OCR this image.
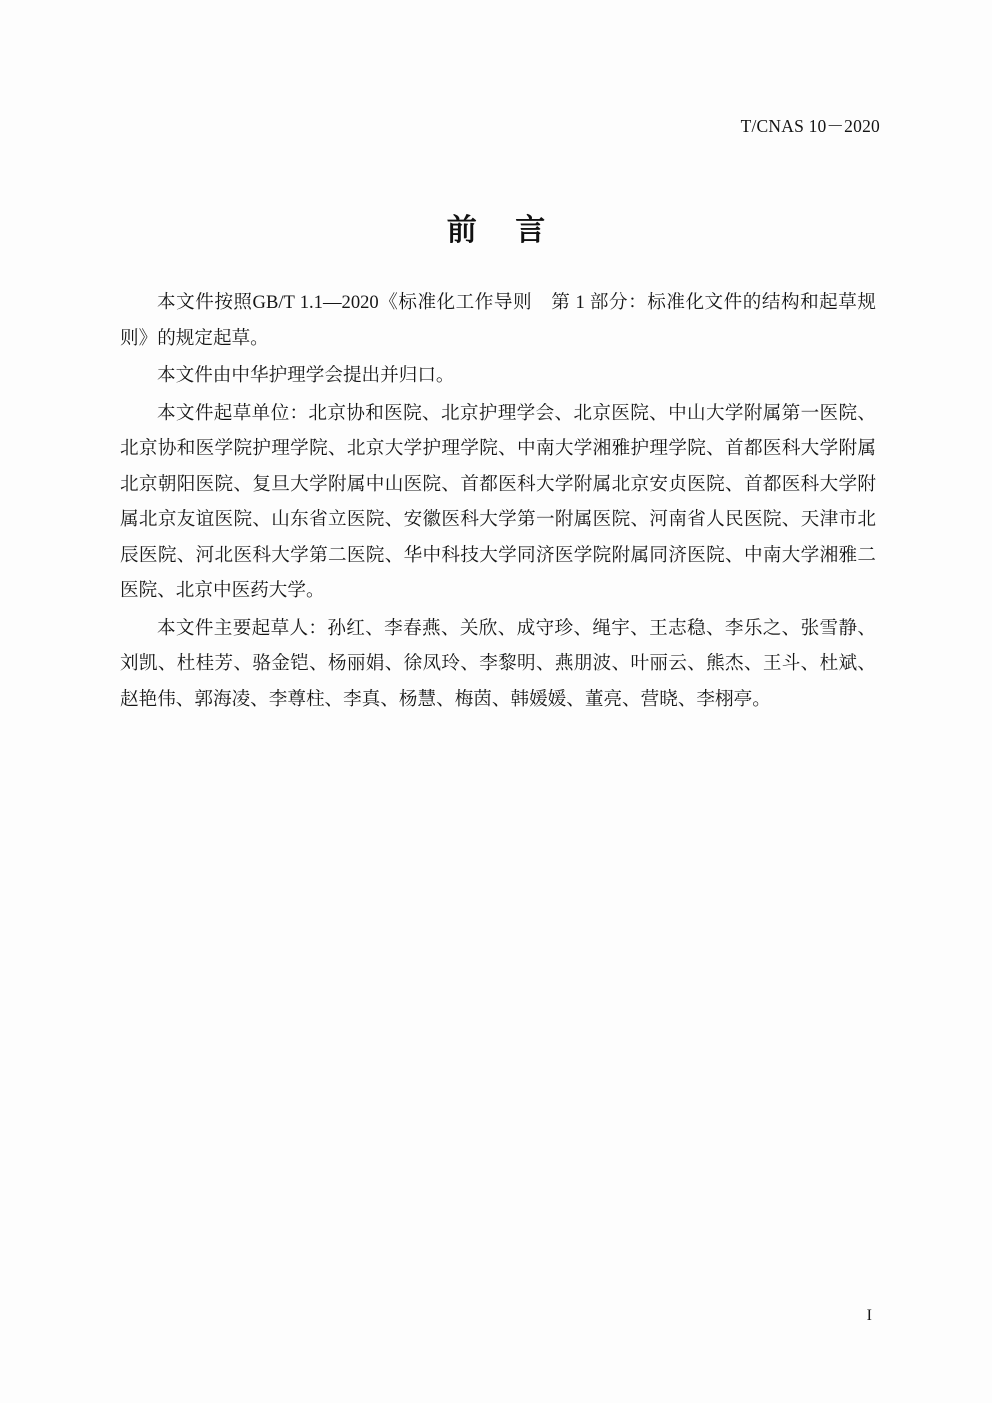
T/CNAS 10－2020
前 言

本文件按照GB/T 1.1—2020《标准化工作导则　第 1 部分：标准化文件的结构和起草规则》的规定起草。

本文件由中华护理学会提出并归口。

本文件起草单位：北京协和医院、北京护理学会、北京医院、中山大学附属第一医院、北京协和医学院护理学院、北京大学护理学院、中南大学湘雅护理学院、首都医科大学附属北京朝阳医院、复旦大学附属中山医院、首都医科大学附属北京安贞医院、首都医科大学附属北京友谊医院、山东省立医院、安徽医科大学第一附属医院、河南省人民医院、天津市北辰医院、河北医科大学第二医院、华中科技大学同济医学院附属同济医院、中南大学湘雅二医院、北京中医药大学。

本文件主要起草人：孙红、李春燕、关欣、成守珍、绳宇、王志稳、李乐之、张雪静、刘凯、杜桂芳、骆金铠、杨丽娟、徐凤玲、李黎明、燕朋波、叶丽云、熊杰、王斗、杜斌、赵艳伟、郭海凌、李尊柱、李真、杨慧、梅茵、韩媛媛、董亮、营晓、李栩亭。

I
